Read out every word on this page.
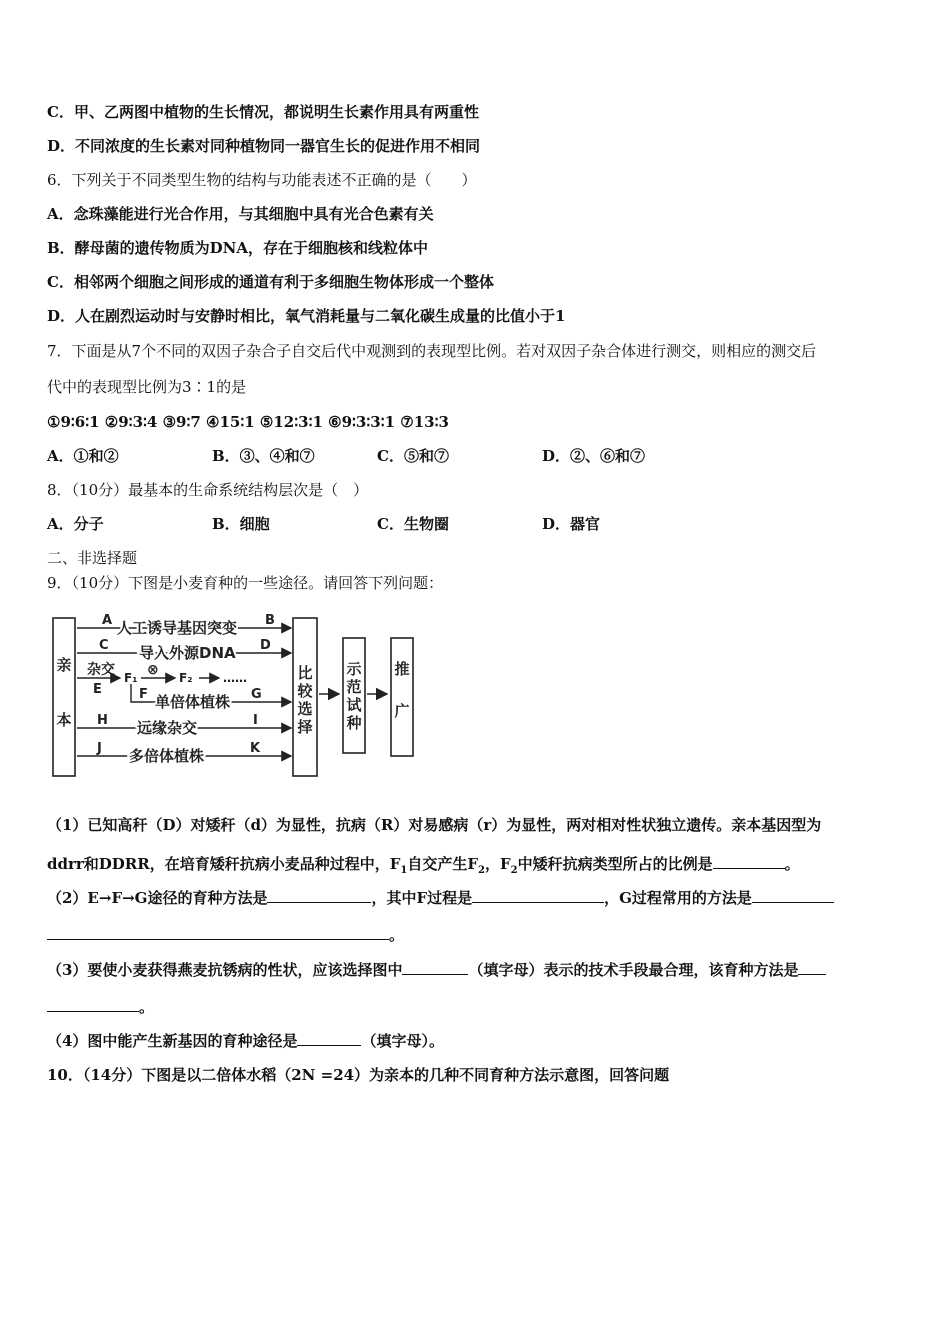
C．甲、乙两图中植物的生长情况，都说明生长素作用具有两重性
D．不同浓度的生长素对同种植物同一器官生长的促进作用不相同
6．下列关于不同类型生物的结构与功能表述不正确的是（　　）
A．念珠藻能进行光合作用，与其细胞中具有光合色素有关
B．酵母菌的遗传物质为DNA，存在于细胞核和线粒体中
C．相邻两个细胞之间形成的通道有利于多细胞生物体形成一个整体
D．人在剧烈运动时与安静时相比，氧气消耗量与二氧化碳生成量的比值小于1
7．下面是从7个不同的双因子杂合子自交后代中观测到的表现型比例。若对双因子杂合体进行测交，则相应的测交后
代中的表现型比例为3∶1的是
①9∶6∶1 ②9∶3∶4 ③9∶7 ④15∶1 ⑤12∶3∶1 ⑥9∶3∶3∶1 ⑦13∶3
A．①和②	B．③、④和⑦	C．⑤和⑦	D．②、⑥和⑦
8．（10分）最基本的生命系统结构层次是（　）
A．分子	B．细胞	C．生物圈	D．器官
二、非选择题
9．（10分）下图是小麦育种的一些途径。请回答下列问题：
亲
本
比
较
选
择
示
范
试
种
推
广
A 人工诱导基因突变 B
C 导入外源DNA D
杂交
E
F₁ ⊗ F₂	……
F 单倍体植株 G
H 远缘杂交	I
J 多倍体植株	K
（1）已知高秆（D）对矮秆（d）为显性，抗病（R）对易感病（r）为显性，两对相对性状独立遗传。亲本基因型为
ddrr和DDRR，在培育矮秆抗病小麦品种过程中，$F_1$自交产生$F_2$，$F_2$中矮秆抗病类型所占的比例是	。
（2）E→F→G途径的育种方法是	，其中F过程是	，G过程常用的方法是
。
（3）要使小麦获得燕麦抗锈病的性状，应该选择图中	（填字母）表示的技术手段最合理，该育种方法是
。
（4）图中能产生新基因的育种途径是	（填字母）。
10．（14分）下图是以二倍体水稻（2N =24）为亲本的几种不同育种方法示意图，回答问题
